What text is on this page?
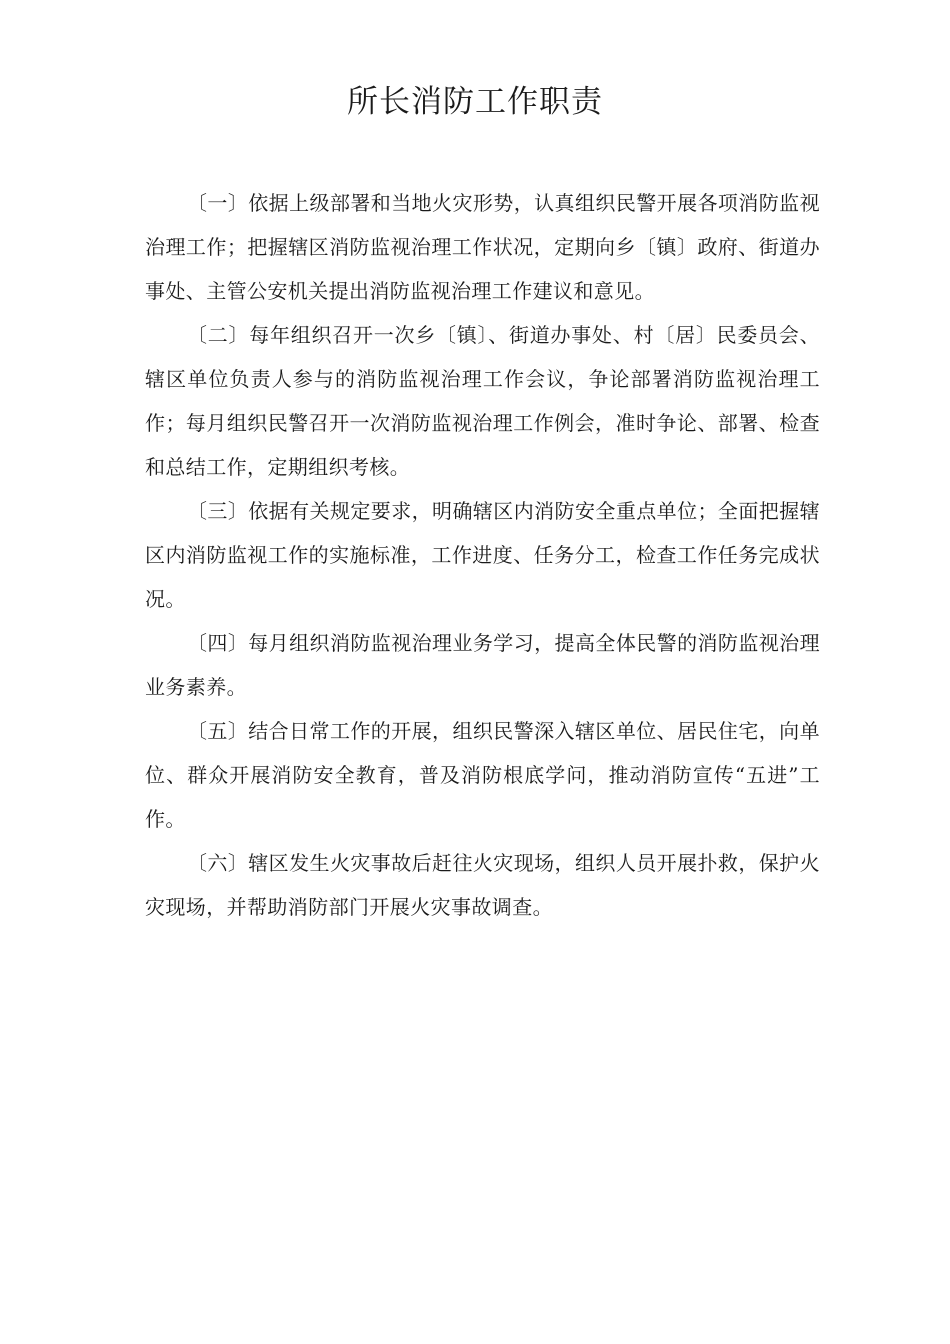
所长消防工作职责

〔一〕依据上级部署和当地火灾形势，认真组织民警开展各项消防监视治理工作；把握辖区消防监视治理工作状况，定期向乡〔镇〕政府、街道办事处、主管公安机关提出消防监视治理工作建议和意见。

〔二〕每年组织召开一次乡〔镇〕、街道办事处、村〔居〕民委员会、辖区单位负责人参与的消防监视治理工作会议，争论部署消防监视治理工作；每月组织民警召开一次消防监视治理工作例会，准时争论、部署、检查和总结工作，定期组织考核。

〔三〕依据有关规定要求，明确辖区内消防安全重点单位；全面把握辖区内消防监视工作的实施标准，工作进度、任务分工，检查工作任务完成状况。

〔四〕每月组织消防监视治理业务学习，提高全体民警的消防监视治理业务素养。

〔五〕结合日常工作的开展，组织民警深入辖区单位、居民住宅，向单位、群众开展消防安全教育，普及消防根底学问，推动消防宣传“五进”工作。

〔六〕辖区发生火灾事故后赶往火灾现场，组织人员开展扑救，保护火灾现场，并帮助消防部门开展火灾事故调查。
